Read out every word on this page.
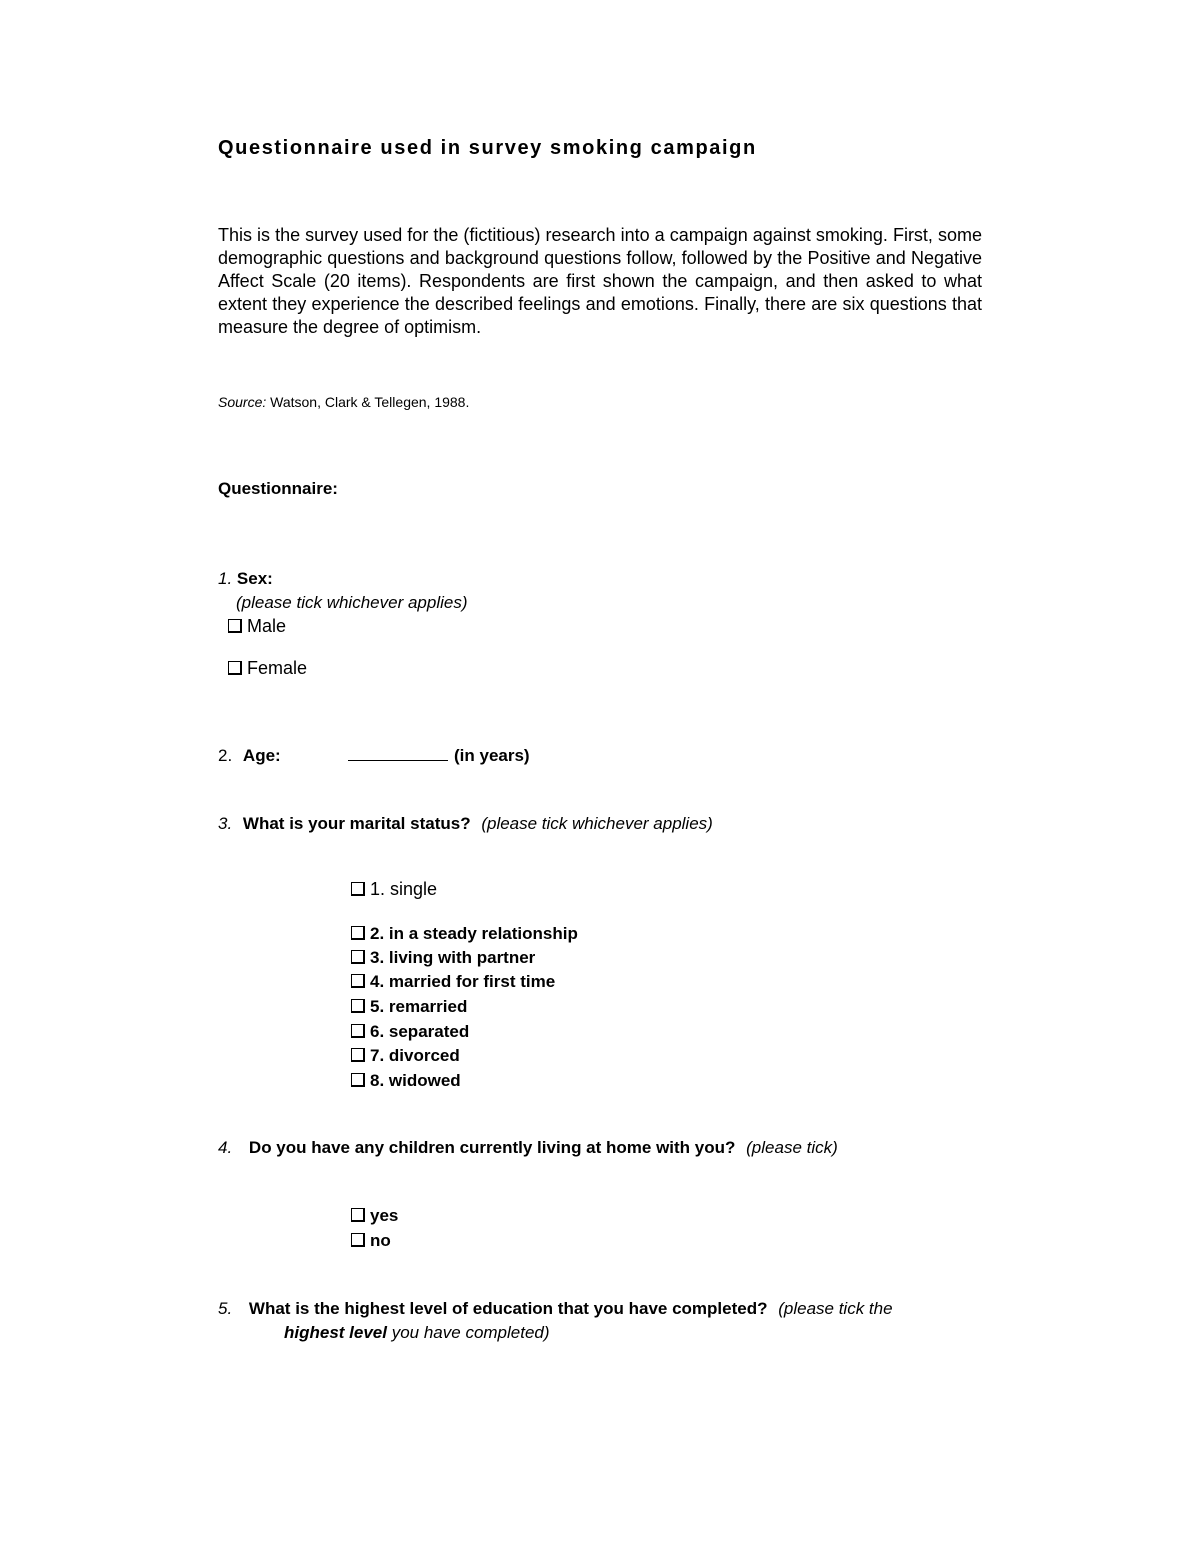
Questionnaire used in survey smoking campaign
This is the survey used for the (fictitious) research into a campaign against smoking. First, some demographic questions and background questions follow, followed by the Positive and Negative Affect Scale (20 items). Respondents are first shown the campaign, and then asked to what extent they experience the described feelings and emotions. Finally, there are six questions that measure the degree of optimism.
Source: Watson, Clark & Tellegen, 1988.
Questionnaire:
1. Sex:
(please tick whichever applies)
Male
Female
2. Age:	(in years)
3. What is your marital status? (please tick whichever applies)
1. single
2. in a steady relationship
3. living with partner
4. married for first time
5. remarried
6. separated
7. divorced
8. widowed
4. Do you have any children currently living at home with you? (please tick)
yes
no
5. What is the highest level of education that you have completed? (please tick the
highest level you have completed)
